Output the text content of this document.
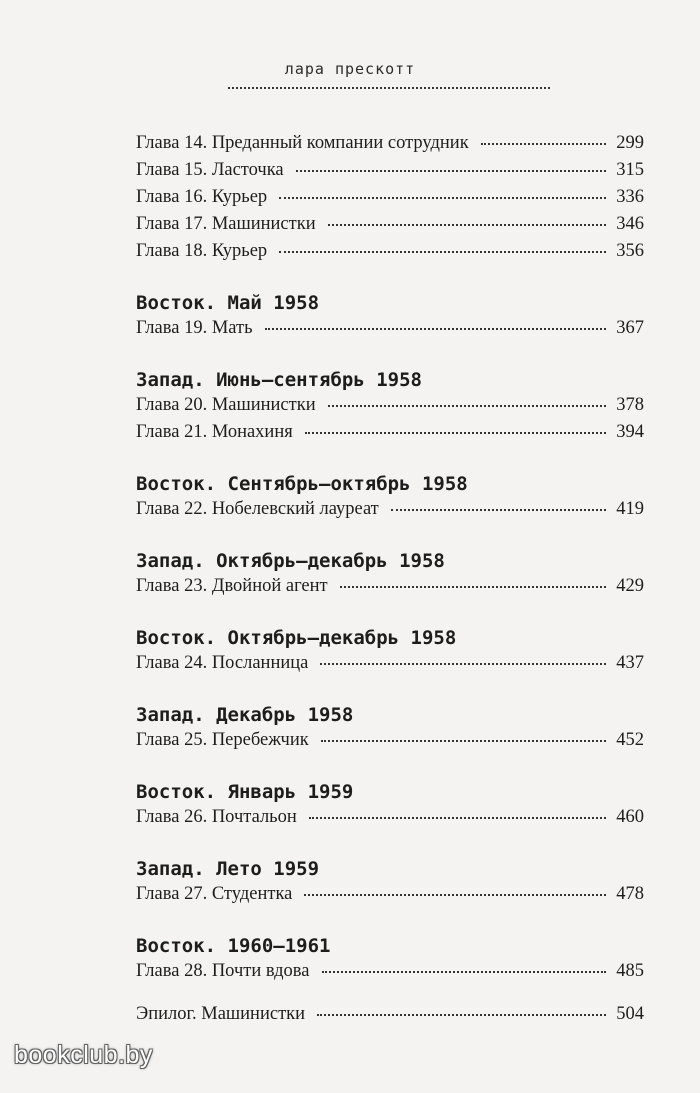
лара прескотт
Глава 14. Преданный компании сотрудник	299
Глава 15. Ласточка	315
Глава 16. Курьер	336
Глава 17. Машинистки	346
Глава 18. Курьер	356
Восток. Май 1958
Глава 19. Мать	367
Запад. Июнь–сентябрь 1958
Глава 20. Машинистки	378
Глава 21. Монахиня	394
Восток. Сентябрь–октябрь 1958
Глава 22. Нобелевский лауреат	419
Запад. Октябрь–декабрь 1958
Глава 23. Двойной агент	429
Восток. Октябрь–декабрь 1958
Глава 24. Посланница	437
Запад. Декабрь 1958
Глава 25. Перебежчик	452
Восток. Январь 1959
Глава 26. Почтальон	460
Запад. Лето 1959
Глава 27. Студентка	478
Восток. 1960–1961
Глава 28. Почти вдова	485
Эпилог. Машинистки	504
bookclub.by
